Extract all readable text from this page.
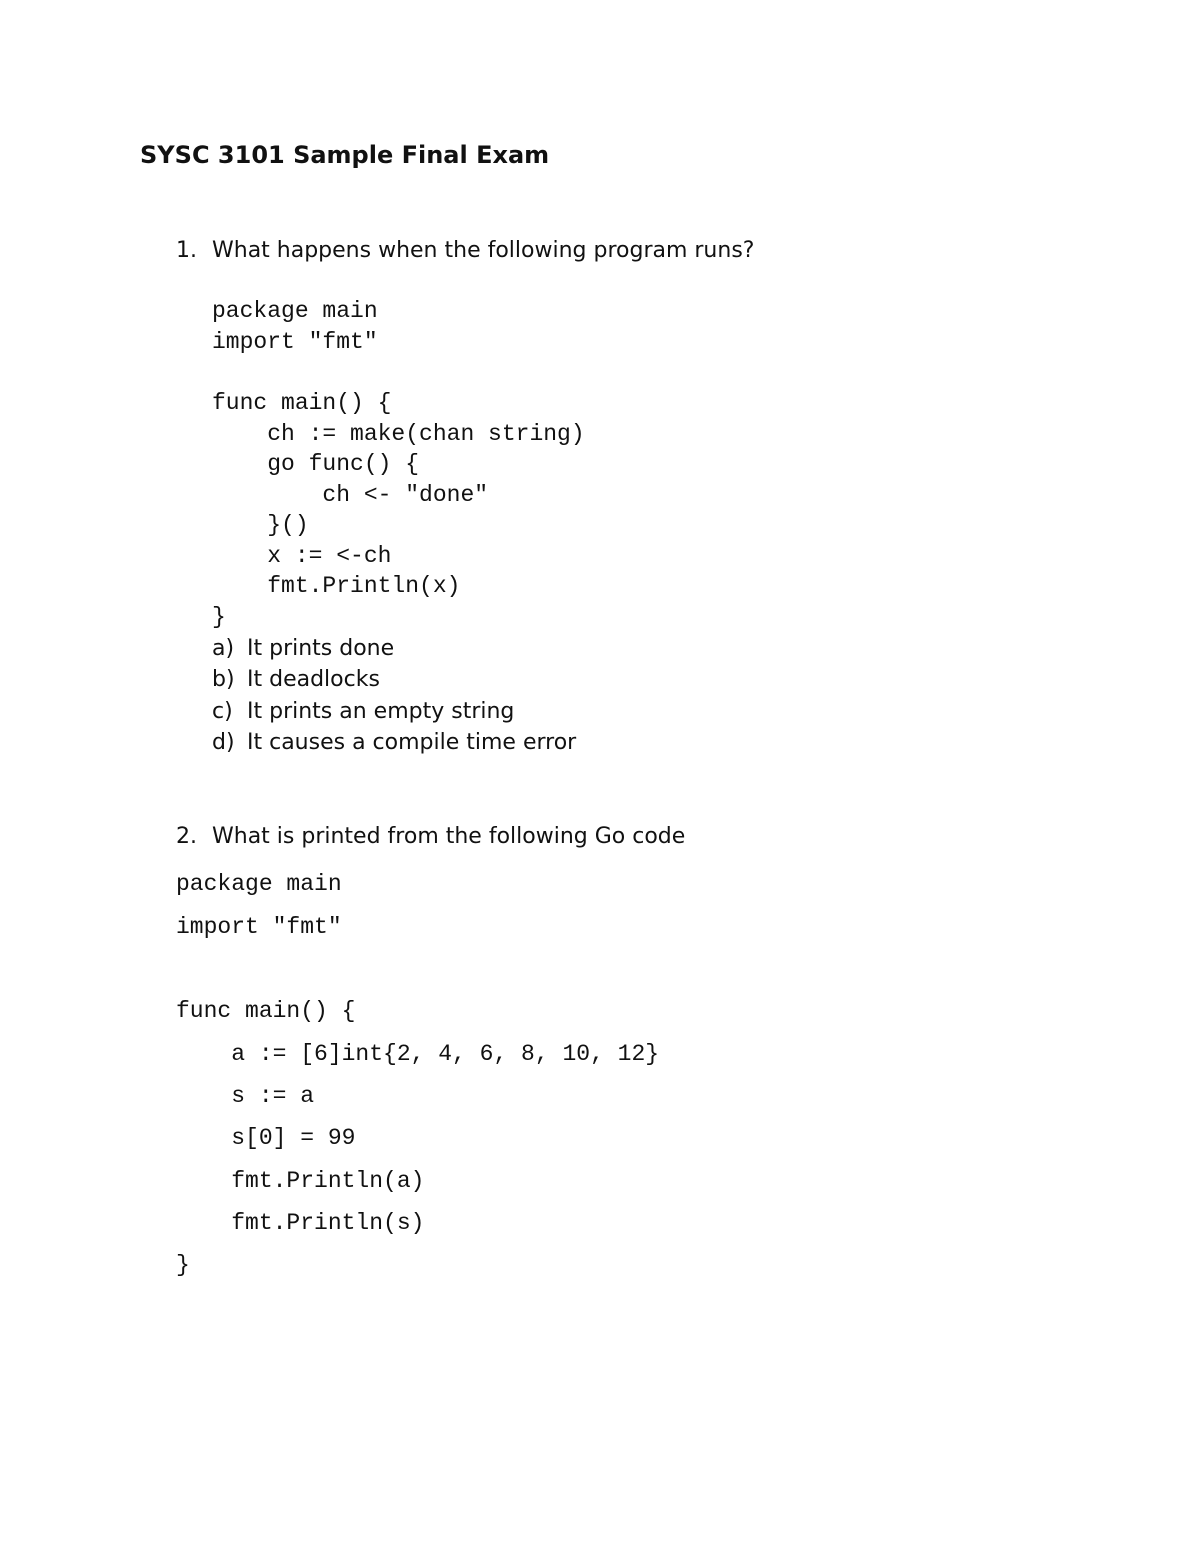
SYSC 3101 Sample Final Exam
1. What happens when the following program runs?
package main
import "fmt"
func main() {
ch := make(chan string)
go func() {
ch <- "done"
}()
x := <-ch
fmt.Println(x)
}
a) It prints done
b) It deadlocks
c) It prints an empty string
d) It causes a compile time error
2. What is printed from the following Go code
package main
import "fmt"
func main() {
a := [6]int{2, 4, 6, 8, 10, 12}
s := a
s[0] = 99
fmt.Println(a)
fmt.Println(s)
}
